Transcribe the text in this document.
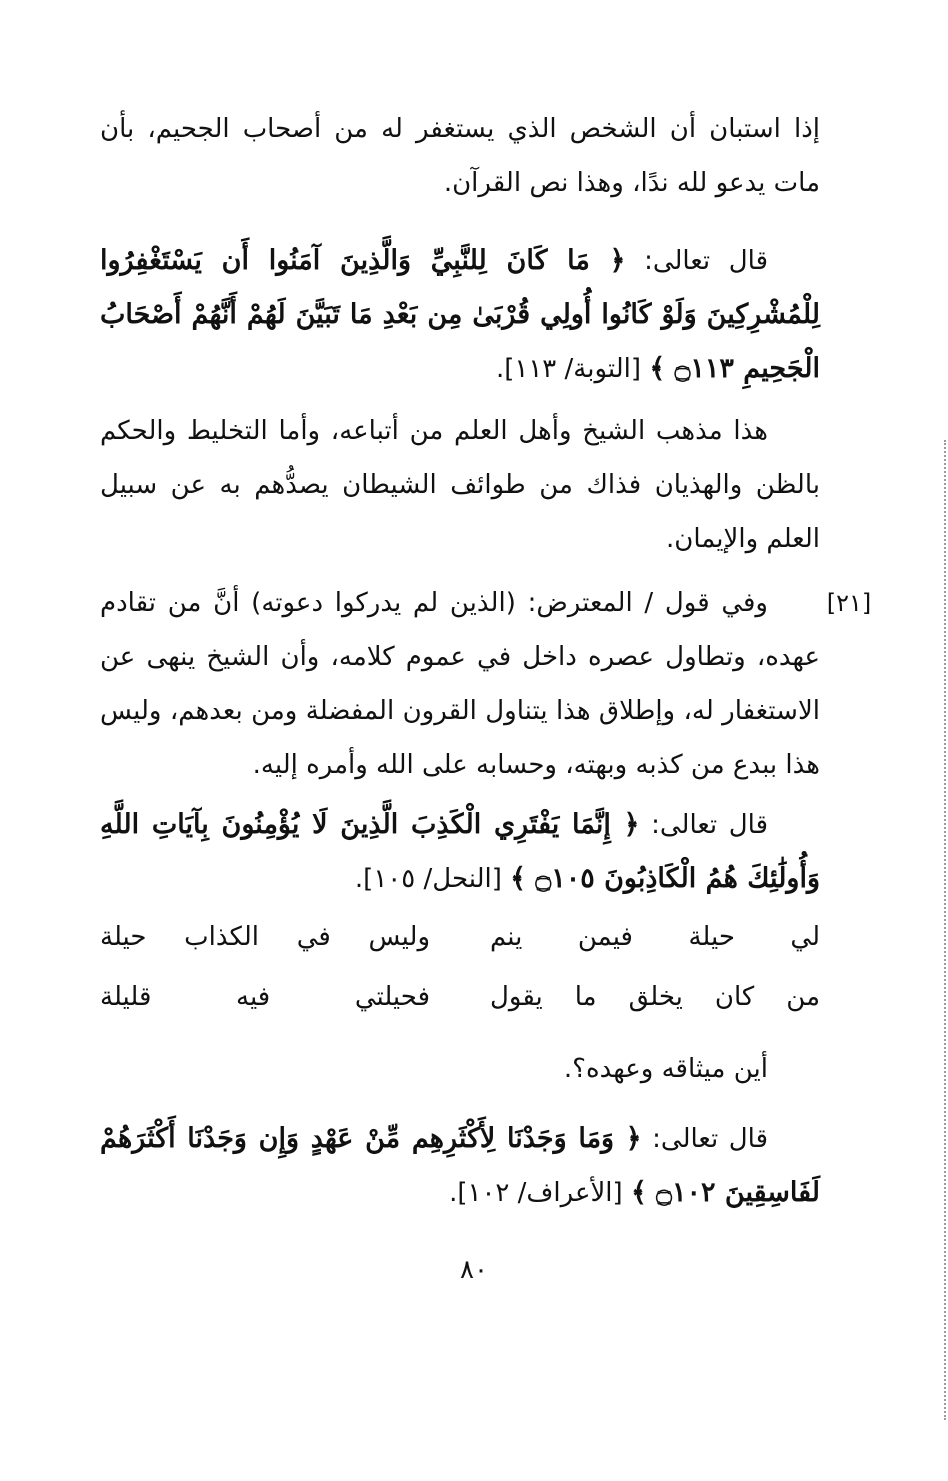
إذا استبان أن الشخص الذي يستغفر له من أصحاب الجحيم، بأن مات يدعو لله ندًا، وهذا نص القرآن.
قال تعالى: ﴿ مَا كَانَ لِلنَّبِيِّ وَالَّذِينَ آمَنُوا أَن يَسْتَغْفِرُوا لِلْمُشْرِكِينَ وَلَوْ كَانُوا أُولِي قُرْبَىٰ مِن بَعْدِ مَا تَبَيَّنَ لَهُمْ أَنَّهُمْ أَصْحَابُ الْجَحِيمِ ۝١١٣ ﴾ [التوبة/ ١١٣].
هذا مذهب الشيخ وأهل العلم من أتباعه، وأما التخليط والحكم بالظن والهذيان فذاك من طوائف الشيطان يصدُّهم به عن سبيل العلم والإيمان.
[٢١]
وفي قول / المعترض: (الذين لم يدركوا دعوته) أنَّ من تقادم عهده، وتطاول عصره داخل في عموم كلامه، وأن الشيخ ينهى عن الاستغفار له، وإطلاق هذا يتناول القرون المفضلة ومن بعدهم، وليس هذا ببدع من كذبه وبهته، وحسابه على الله وأمره إليه.
قال تعالى: ﴿ إِنَّمَا يَفْتَرِي الْكَذِبَ الَّذِينَ لَا يُؤْمِنُونَ بِآيَاتِ اللَّهِ وَأُولَٰئِكَ هُمُ الْكَاذِبُونَ ۝١٠٥ ﴾ [النحل/ ١٠٥].
لي حيلة فيمن ينم
وليس في الكذاب حيلة
من كان يخلق ما يقول
فحيلتي فيه قليلة
أين ميثاقه وعهده؟.
قال تعالى: ﴿ وَمَا وَجَدْنَا لِأَكْثَرِهِم مِّنْ عَهْدٍ وَإِن وَجَدْنَا أَكْثَرَهُمْ لَفَاسِقِينَ ۝١٠٢ ﴾ [الأعراف/ ١٠٢].
٨٠
